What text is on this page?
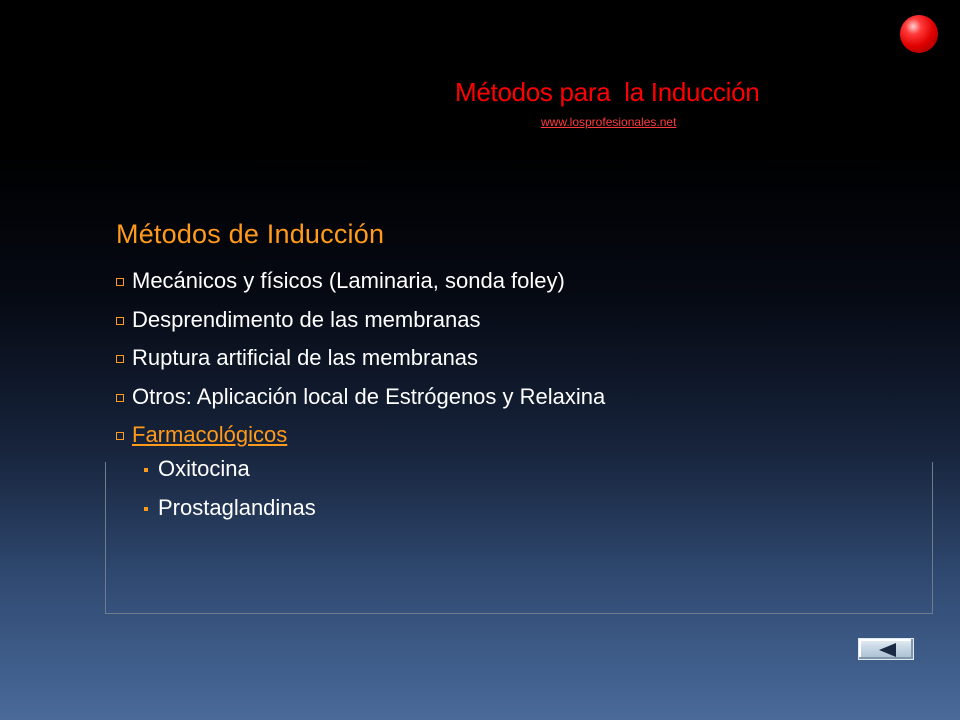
Métodos para  la Inducción
www.losprofesionales.net
Métodos de Inducción
Mecánicos y físicos (Laminaria, sonda foley)
Desprendimento de las membranas
Ruptura artificial de las membranas
Otros: Aplicación local de Estrógenos y Relaxina
Farmacológicos
Oxitocina
Prostaglandinas
